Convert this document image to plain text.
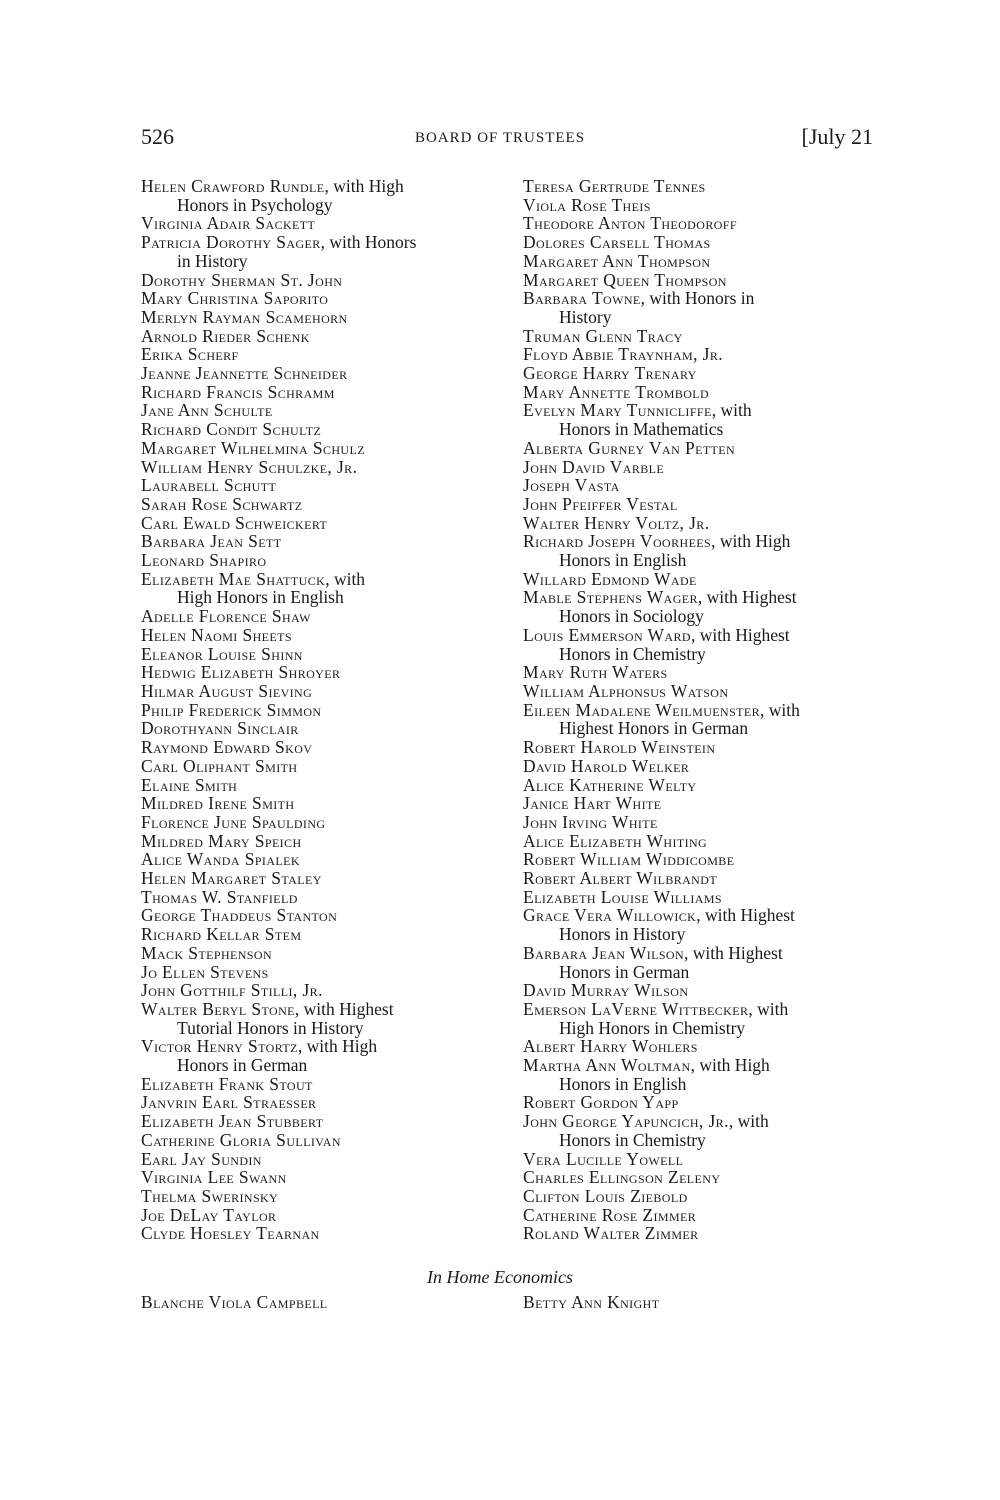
526	BOARD OF TRUSTEES	[July 21
Helen Crawford Rundle, with High
Honors in Psychology
Virginia Adair Sackett
Patricia Dorothy Sager, with Honors
in History
Dorothy Sherman St. John
Mary Christina Saporito
Merlyn Rayman Scamehorn
Arnold Rieder Schenk
Erika Scherf
Jeanne Jeannette Schneider
Richard Francis Schramm
Jane Ann Schulte
Richard Condit Schultz
Margaret Wilhelmina Schulz
William Henry Schulzke, Jr.
Laurabell Schutt
Sarah Rose Schwartz
Carl Ewald Schweickert
Barbara Jean Sett
Leonard Shapiro
Elizabeth Mae Shattuck, with
High Honors in English
Adelle Florence Shaw
Helen Naomi Sheets
Eleanor Louise Shinn
Hedwig Elizabeth Shroyer
Hilmar August Sieving
Philip Frederick Simmon
Dorothyann Sinclair
Raymond Edward Skov
Carl Oliphant Smith
Elaine Smith
Mildred Irene Smith
Florence June Spaulding
Mildred Mary Speich
Alice Wanda Spialek
Helen Margaret Staley
Thomas W. Stanfield
George Thaddeus Stanton
Richard Kellar Stem
Mack Stephenson
Jo Ellen Stevens
John Gotthilf Stilli, Jr.
Walter Beryl Stone, with Highest
Tutorial Honors in History
Victor Henry Stortz, with High
Honors in German
Elizabeth Frank Stout
Janvrin Earl Straesser
Elizabeth Jean Stubbert
Catherine Gloria Sullivan
Earl Jay Sundin
Virginia Lee Swann
Thelma Swerinsky
Joe DeLay Taylor
Clyde Hoesley Tearnan
Teresa Gertrude Tennes
Viola Rose Theis
Theodore Anton Theodoroff
Dolores Carsell Thomas
Margaret Ann Thompson
Margaret Queen Thompson
Barbara Towne, with Honors in
History
Truman Glenn Tracy
Floyd Abbie Traynham, Jr.
George Harry Trenary
Mary Annette Trombold
Evelyn Mary Tunnicliffe, with
Honors in Mathematics
Alberta Gurney Van Petten
John David Varble
Joseph Vasta
John Pfeiffer Vestal
Walter Henry Voltz, Jr.
Richard Joseph Voorhees, with High
Honors in English
Willard Edmond Wade
Mable Stephens Wager, with Highest
Honors in Sociology
Louis Emmerson Ward, with Highest
Honors in Chemistry
Mary Ruth Waters
William Alphonsus Watson
Eileen Madalene Weilmuenster, with
Highest Honors in German
Robert Harold Weinstein
David Harold Welker
Alice Katherine Welty
Janice Hart White
John Irving White
Alice Elizabeth Whiting
Robert William Widdicombe
Robert Albert Wilbrandt
Elizabeth Louise Williams
Grace Vera Willowick, with Highest
Honors in History
Barbara Jean Wilson, with Highest
Honors in German
David Murray Wilson
Emerson LaVerne Wittbecker, with
High Honors in Chemistry
Albert Harry Wohlers
Martha Ann Woltman, with High
Honors in English
Robert Gordon Yapp
John George Yapuncich, Jr., with
Honors in Chemistry
Vera Lucille Yowell
Charles Ellingson Zeleny
Clifton Louis Ziebold
Catherine Rose Zimmer
Roland Walter Zimmer
In Home Economics
Blanche Viola Campbell	Betty Ann Knight
